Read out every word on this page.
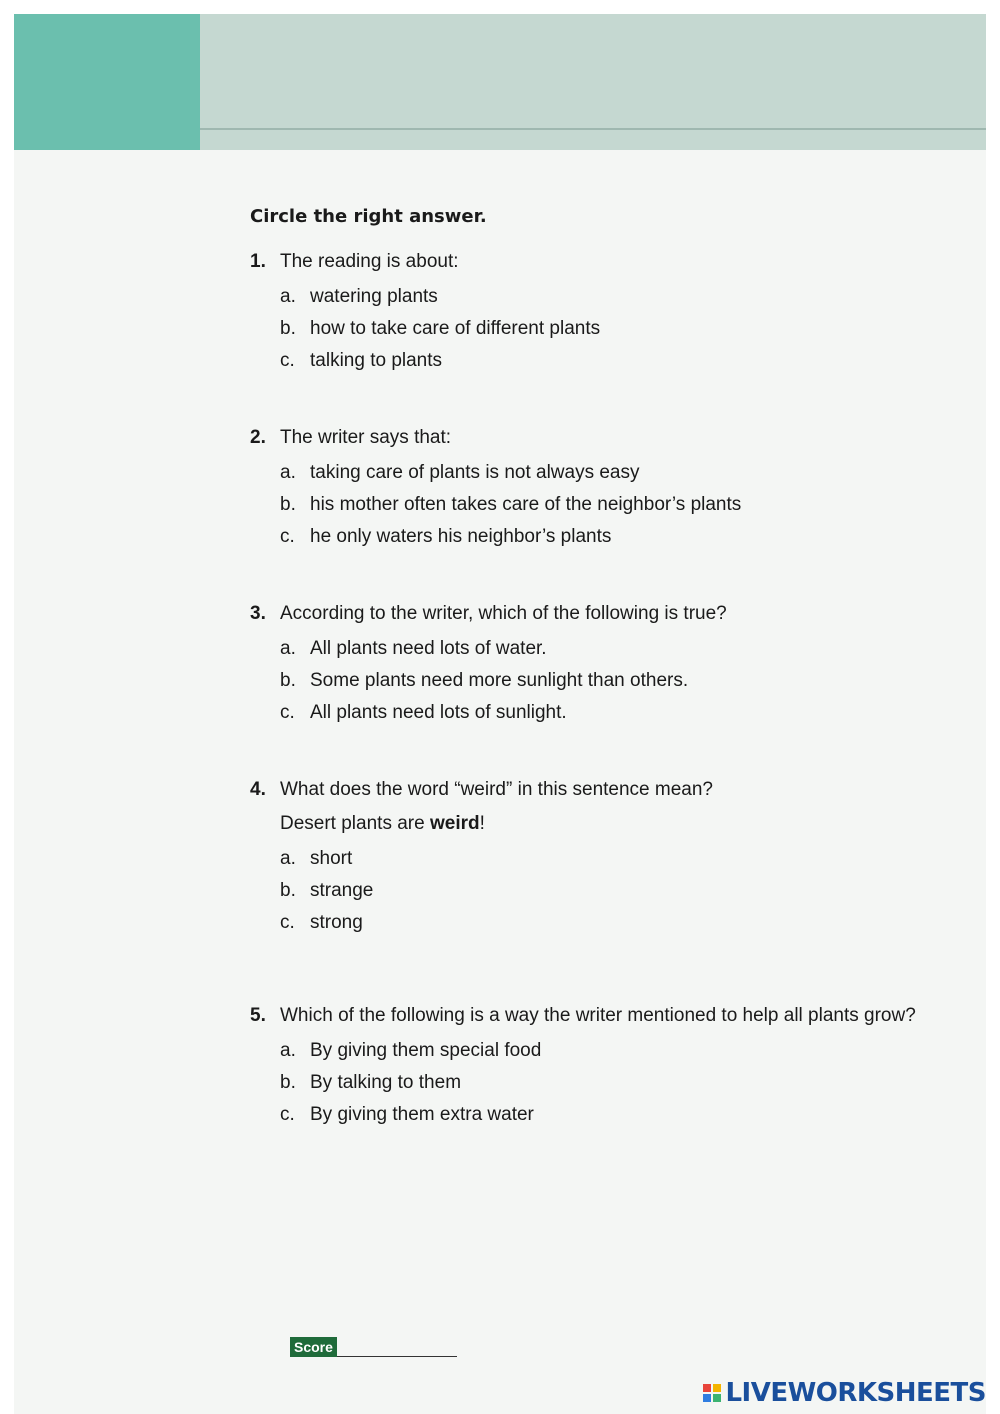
Circle the right answer.
1. The reading is about:
a. watering plants
b. how to take care of different plants
c. talking to plants
2. The writer says that:
a. taking care of plants is not always easy
b. his mother often takes care of the neighbor’s plants
c. he only waters his neighbor’s plants
3. According to the writer, which of the following is true?
a. All plants need lots of water.
b. Some plants need more sunlight than others.
c. All plants need lots of sunlight.
4. What does the word “weird” in this sentence mean?
Desert plants are weird!
a. short
b. strange
c. strong
5. Which of the following is a way the writer mentioned to help all plants grow?
a. By giving them special food
b. By talking to them
c. By giving them extra water
Score
LIVEWORKSHEETS
